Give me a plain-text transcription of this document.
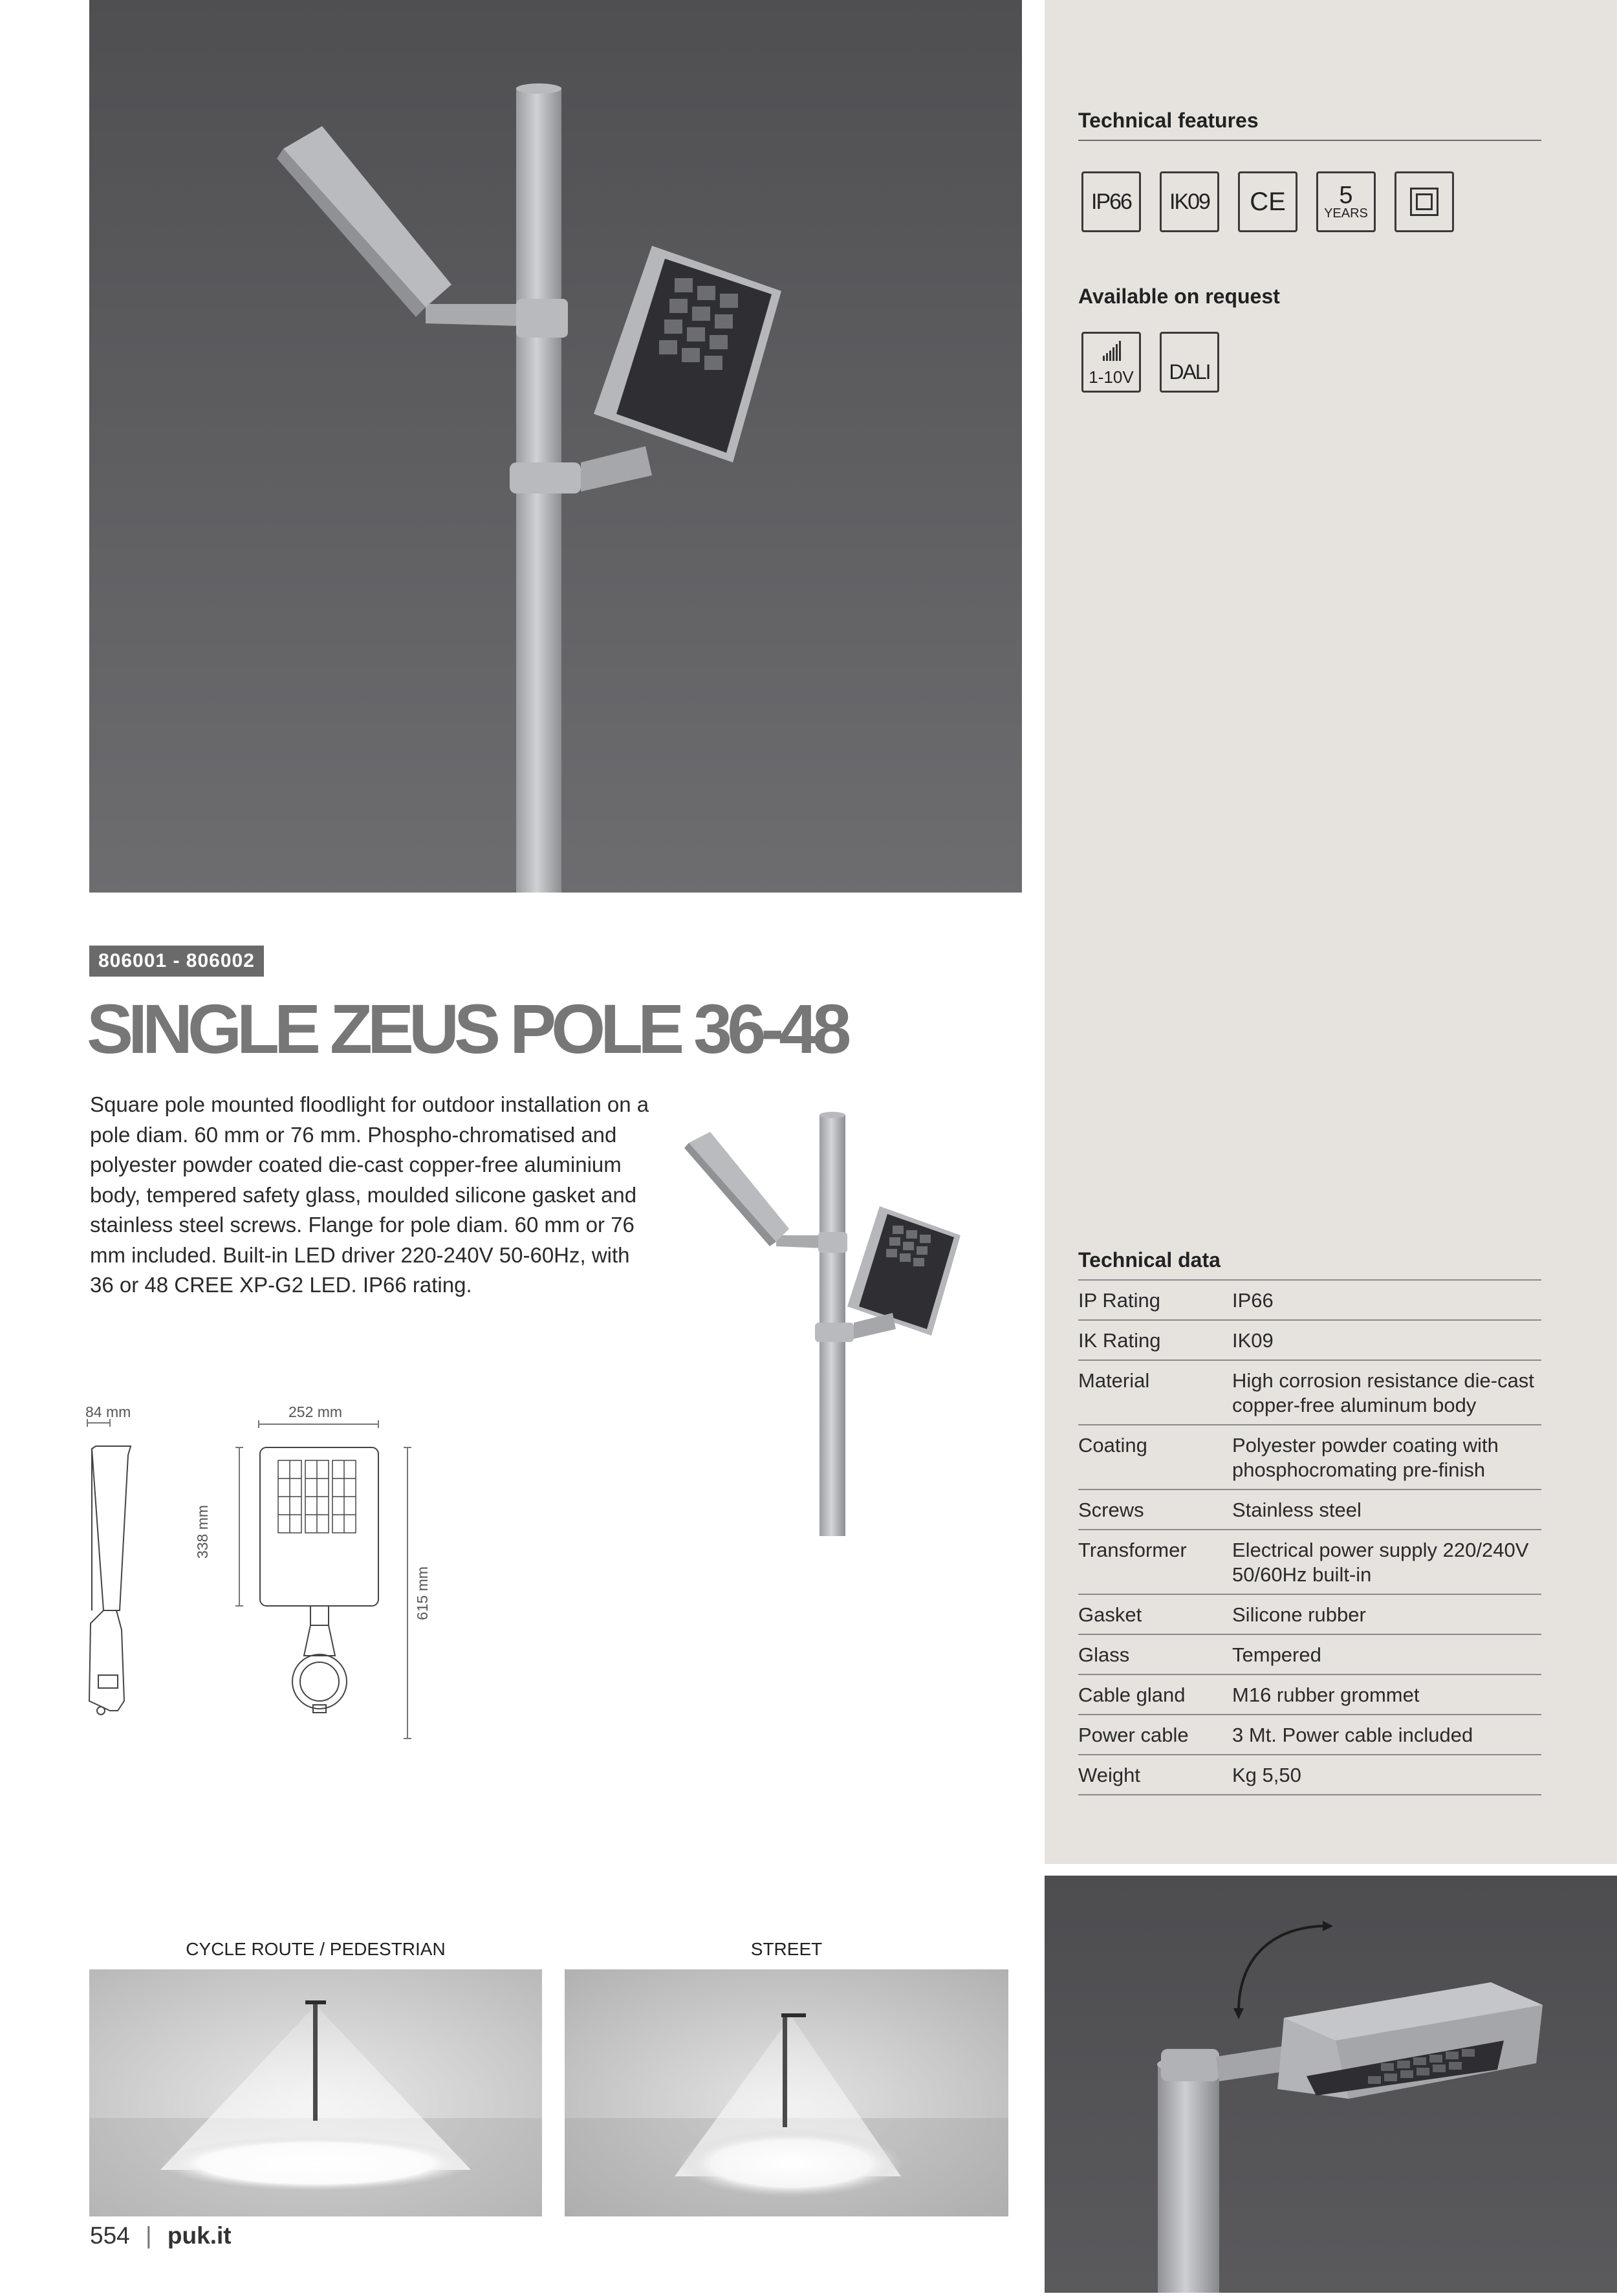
Technical features
IP66 IK09 CE 5
YEARS
Available on request
1-10V DALI
Technical data
IP Rating	IP66
IK Rating	IK09
Material	High corrosion resistance die-cast copper-free aluminum body
Coating	Polyester powder coating with phosphocromating pre-finish
Screws	Stainless steel
Transformer	Electrical power supply 220/240V 50/60Hz built-in
Gasket	Silicone rubber
Glass	Tempered
Cable gland	M16 rubber grommet
Power cable	3 Mt. Power cable included
Weight	Kg 5,50
806001 - 806002
SINGLE ZEUS POLE 36-48
Square pole mounted floodlight for outdoor installation on a pole diam. 60 mm or 76 mm. Phospho-chromatised and polyester powder coated die-cast copper-free aluminium body, tempered safety glass, moulded silicone gasket and stainless steel screws. Flange for pole diam. 60 mm or 76 mm included. Built-in LED driver 220-240V 50-60Hz, with 36 or 48 CREE XP-G2 LED. IP66 rating.
84 mm	252 mm
338 mm
615 mm
CYCLE ROUTE / PEDESTRIAN	STREET
554 | puk.it
